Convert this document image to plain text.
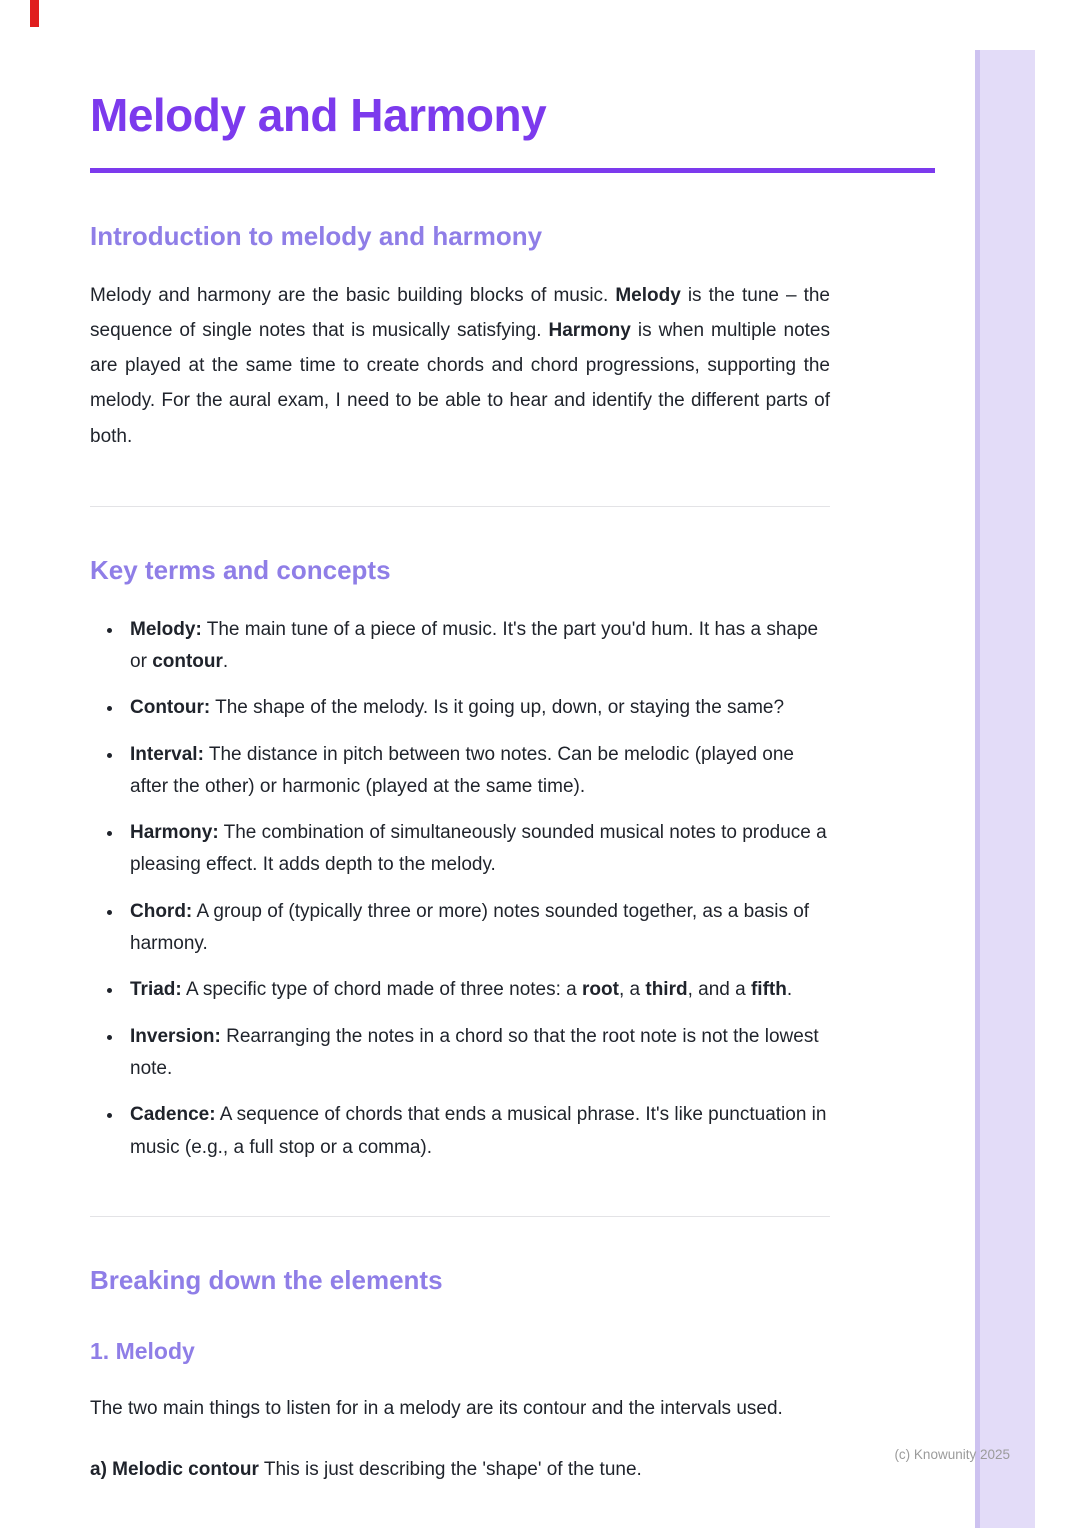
Melody and Harmony
Introduction to melody and harmony

Melody and harmony are the basic building blocks of music. Melody is the tune – the sequence of single notes that is musically satisfying. Harmony is when multiple notes are played at the same time to create chords and chord progressions, supporting the melody. For the aural exam, I need to be able to hear and identify the different parts of both.

Key terms and concepts
• Melody: The main tune of a piece of music. It's the part you'd hum. It has a shape or contour.
• Contour: The shape of the melody. Is it going up, down, or staying the same?
• Interval: The distance in pitch between two notes. Can be melodic (played one after the other) or harmonic (played at the same time).
• Harmony: The combination of simultaneously sounded musical notes to produce a pleasing effect. It adds depth to the melody.
• Chord: A group of (typically three or more) notes sounded together, as a basis of harmony.
• Triad: A specific type of chord made of three notes: a root, a third, and a fifth.
• Inversion: Rearranging the notes in a chord so that the root note is not the lowest note.
• Cadence: A sequence of chords that ends a musical phrase. It's like punctuation in music (e.g., a full stop or a comma).
Breaking down the elements
1. Melody

The two main things to listen for in a melody are its contour and the intervals used.

a) Melodic contour This is just describing the 'shape' of the tune.

(c) Knowunity 2025
